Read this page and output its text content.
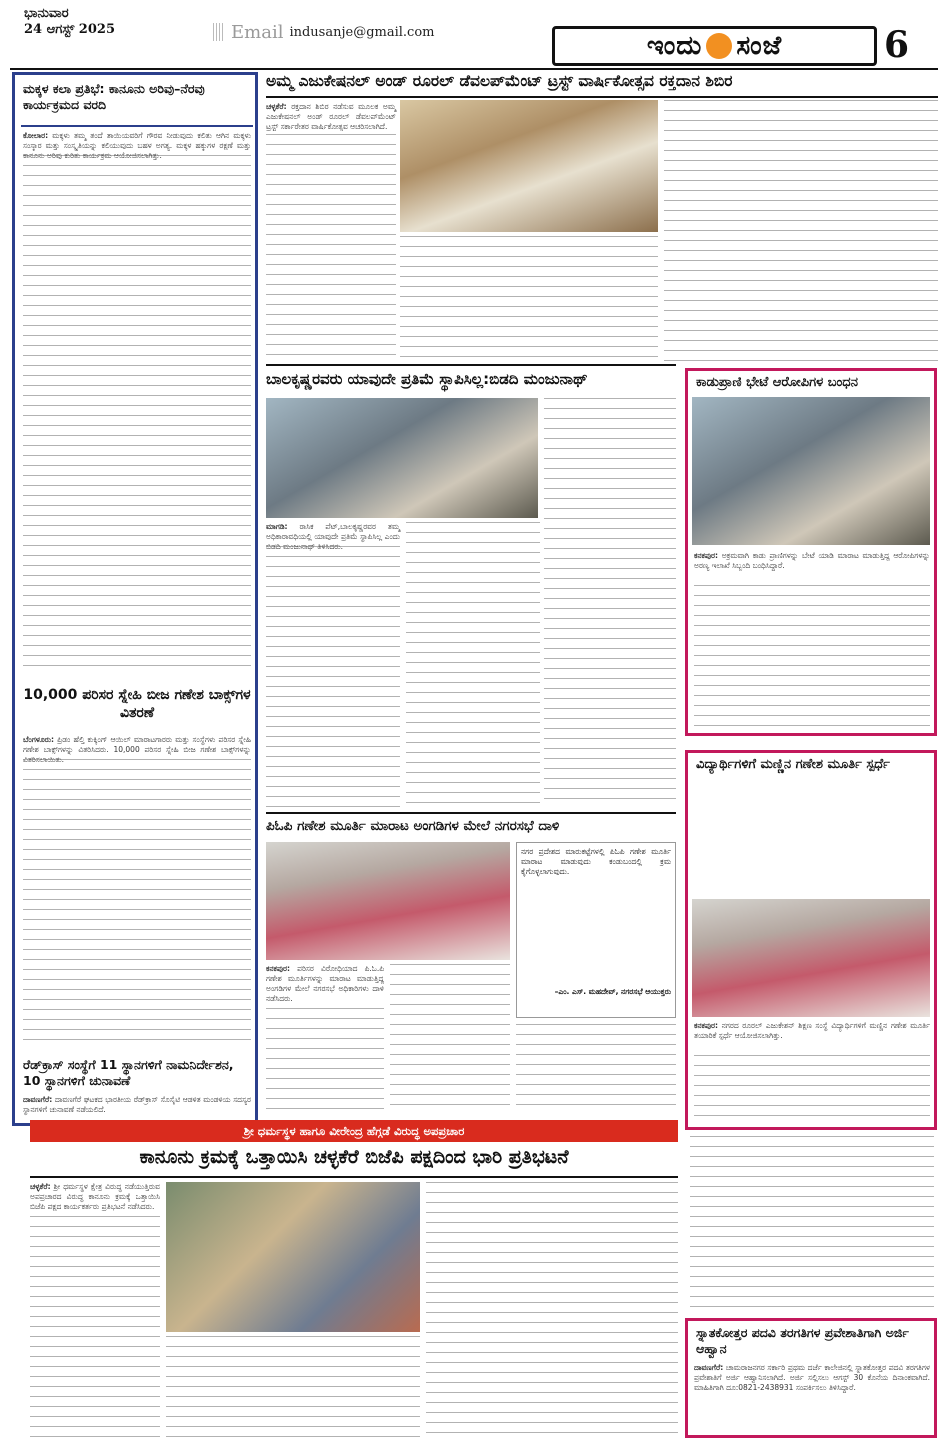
ಭಾನುವಾರ
24 ಆಗಸ್ಟ್ 2025	Email indusanje@gmail.com	ಇಂದು ಸಂಜೆ	6
ಮಕ್ಕಳ ಕಲಾ ಪ್ರತಿಭೆ: ಕಾನೂನು ಅರಿವು–ನೆರವು ಕಾರ್ಯಕ್ರಮದ ವರದಿ
ಕೋಲಾರ: ಮಕ್ಕಳು ತಮ್ಮ ತಂದೆ ತಾಯಿಯವರಿಗೆ ಗೌರವ ನೀಡುವುದು ಕಲಿತು ಆಗಿನ ಮಕ್ಕಳು ಸಂಸ್ಕಾರ ಮತ್ತು ಸಂಸ್ಕೃತಿಯನ್ನು ಕಲಿಯುವುದು ಬಹಳ ಅಗತ್ಯ. ಮಕ್ಕಳ ಹಕ್ಕುಗಳ ರಕ್ಷಣೆ ಮತ್ತು ಕಾನೂನು ಅರಿವು ಕುರಿತು ಕಾರ್ಯಕ್ರಮ ಆಯೋಜಿಸಲಾಗಿತ್ತು.
10,000 ಪರಿಸರ ಸ್ನೇಹಿ ಬೀಜ ಗಣೇಶ ಬಾಕ್ಸ್‌ಗಳ ವಿತರಣೆ
ಬೆಂಗಳೂರು: ಪ್ರಿಡಂ ಹೆಲ್ತಿ ಕುಕ್ಕಿಂಗ್ ಆಯಿಲ್ ಮಾರಾಟಗಾರರು ಮತ್ತು ಸಂಸ್ಥೆಗಳು ಪರಿಸರ ಸ್ನೇಹಿ ಗಣೇಶ ಬಾಕ್ಸ್‌ಗಳನ್ನು ವಿತರಿಸಿದರು. 10,000 ಪರಿಸರ ಸ್ನೇಹಿ ಬೀಜ ಗಣೇಶ ಬಾಕ್ಸ್‌ಗಳನ್ನು ವಿತರಿಸಲಾಯಿತು.
ರೆಡ್‌ಕ್ರಾಸ್ ಸಂಸ್ಥೆಗೆ 11 ಸ್ಥಾನಗಳಿಗೆ ನಾಮನಿರ್ದೇಶನ, 10 ಸ್ಥಾನಗಳಿಗೆ ಚುನಾವಣೆ
ದಾವಣಗೆರೆ: ದಾವಣಗೆರೆ ಘಟಕದ ಭಾರತೀಯ ರೆಡ್‌ಕ್ರಾಸ್ ಸೊಸೈಟಿ ಆಡಳಿತ ಮಂಡಳಿಯ ಸದಸ್ಯರ ಸ್ಥಾನಗಳಿಗೆ ಚುನಾವಣೆ ನಡೆಯಲಿದೆ.
ಅಮ್ಮ ಎಜುಕೇಷನಲ್ ಅಂಡ್ ರೂರಲ್ ಡೆವಲಪ್‌ಮೆಂಟ್ ಟ್ರಸ್ಟ್ ವಾರ್ಷಿಕೋತ್ಸವ ರಕ್ತದಾನ ಶಿಬಿರ
ಚಳ್ಳಕೆರೆ: ರಕ್ತದಾನ ಶಿಬಿರ ನಡೆಸುವ ಮೂಲಕ ಅಮ್ಮ ಎಜುಕೇಷನಲ್ ಅಂಡ್ ರೂರಲ್ ಡೆವಲಪ್‌ಮೆಂಟ್ ಟ್ರಸ್ಟ್ ಸರ್ಕಾರೇತರ ವಾರ್ಷಿಕೋತ್ಸವ ಆಚರಿಸಲಾಗಿದೆ.
ಬಾಲಕೃಷ್ಣರವರು ಯಾವುದೇ ಪ್ರತಿಮೆ ಸ್ಥಾಪಿಸಿಲ್ಲ:ಬಿಡದಿ ಮಂಜುನಾಥ್
ಮಾಗಡಿ: ರಾಸಿಕ ಪೆಟ್,ಬಾಲಕೃಷ್ಣರವರ ತಮ್ಮ ಅಧಿಕಾರಾವಧಿಯಲ್ಲಿ ಯಾವುದೇ ಪ್ರತಿಮೆ ಸ್ಥಾಪಿಸಿಲ್ಲ ಎಂದು ಬಿಡದಿ ಮಂಜುನಾಥ್ ತಿಳಿಸಿದರು.
ಪಿಓಪಿ ಗಣೇಶ ಮೂರ್ತಿ ಮಾರಾಟ ಅಂಗಡಿಗಳ ಮೇಲೆ ನಗರಸಭೆ ದಾಳಿ
ಕನಕಪುರ: ಪರಿಸರ ವಿರೋಧಿಯಾದ ಪಿ.ಓ.ಪಿ ಗಣೇಶ ಮೂರ್ತಿಗಳನ್ನು ಮಾರಾಟ ಮಾಡುತ್ತಿದ್ದ ಅಂಗಡಿಗಳ ಮೇಲೆ ನಗರಸಭೆ ಅಧಿಕಾರಿಗಳು ದಾಳಿ ನಡೆಸಿದರು.
ನಗರ ಪ್ರದೇಶದ ಮಾರುಕಟ್ಟೆಗಳಲ್ಲಿ ಪಿಓಪಿ ಗಣೇಶ ಮೂರ್ತಿ ಮಾರಾಟ ಮಾಡುವುದು ಕಂಡುಬಂದಲ್ಲಿ ಕ್ರಮ ಕೈಗೊಳ್ಳಲಾಗುವುದು.
–ಎಂ. ಎಸ್. ಮಹದೇವ್, ನಗರಸಭೆ ಆಯುಕ್ತರು
ಕಾಡುಪ್ರಾಣಿ ಭೇಟೆ ಆರೋಪಿಗಳ ಬಂಧನ
ಕನಕಪುರ: ಅಕ್ರಮವಾಗಿ ಕಾಡು ಪ್ರಾಣಿಗಳನ್ನು ಬೇಟೆ ಯಾಡಿ ಮಾರಾಟ ಮಾಡುತ್ತಿದ್ದ ಆರೋಪಿಗಳನ್ನು ಅರಣ್ಯ ಇಲಾಖೆ ಸಿಬ್ಬಂದಿ ಬಂಧಿಸಿದ್ದಾರೆ.
ವಿದ್ಯಾರ್ಥಿಗಳಿಗೆ ಮಣ್ಣಿನ ಗಣೇಶ ಮೂರ್ತಿ ಸ್ಪರ್ಧೆ
ಕನಕಪುರ: ನಗರದ ರೂರಲ್ ಎಜುಕೇಶನ್ ಶಿಕ್ಷಣ ಸಂಸ್ಥೆ ವಿದ್ಯಾರ್ಥಿಗಳಿಗೆ ಮಣ್ಣಿನ ಗಣೇಶ ಮೂರ್ತಿ ತಯಾರಿಕೆ ಸ್ಪರ್ಧೆ ಆಯೋಜಿಸಲಾಗಿತ್ತು.
ಶ್ರೀ ಧರ್ಮಸ್ಥಳ ಹಾಗೂ ವೀರೇಂದ್ರ ಹೆಗ್ಗಡೆ ವಿರುದ್ಧ ಅಪಪ್ರಚಾರ
ಕಾನೂನು ಕ್ರಮಕ್ಕೆ ಒತ್ತಾಯಿಸಿ ಚಳ್ಳಕೆರೆ ಬಿಜೆಪಿ ಪಕ್ಷದಿಂದ ಭಾರಿ ಪ್ರತಿಭಟನೆ
ಚಳ್ಳಕೆರೆ: ಶ್ರೀ ಧರ್ಮಸ್ಥಳ ಕ್ಷೇತ್ರ ವಿರುದ್ಧ ನಡೆಯುತ್ತಿರುವ ಅಪಪ್ರಚಾರದ ವಿರುದ್ಧ ಕಾನೂನು ಕ್ರಮಕ್ಕೆ ಒತ್ತಾಯಿಸಿ ಬಿಜೆಪಿ ಪಕ್ಷದ ಕಾರ್ಯಕರ್ತರು ಪ್ರತಿಭಟನೆ ನಡೆಸಿದರು.
ಸ್ನಾತಕೋತ್ತರ ಪದವಿ ತರಗತಿಗಳ ಪ್ರವೇಶಾತಿಗಾಗಿ ಅರ್ಜಿ ಆಹ್ವಾನ
ದಾವಣಗೆರೆ: ಚಾಮರಾಜನಗರ ಸರ್ಕಾರಿ ಪ್ರಥಮ ದರ್ಜೆ ಕಾಲೇಜಿನಲ್ಲಿ ಸ್ನಾತಕೋತ್ತರ ಪದವಿ ತರಗತಿಗಳ ಪ್ರವೇಶಾತಿಗೆ ಅರ್ಜಿ ಆಹ್ವಾನಿಸಲಾಗಿದೆ. ಅರ್ಜಿ ಸಲ್ಲಿಸಲು ಆಗಸ್ಟ್ 30 ಕೊನೆಯ ದಿನಾಂಕವಾಗಿದೆ. ಮಾಹಿತಿಗಾಗಿ ದೂ:0821-2438931 ಸಂಪರ್ಕಿಸಲು ತಿಳಿಸಿದ್ದಾರೆ.
